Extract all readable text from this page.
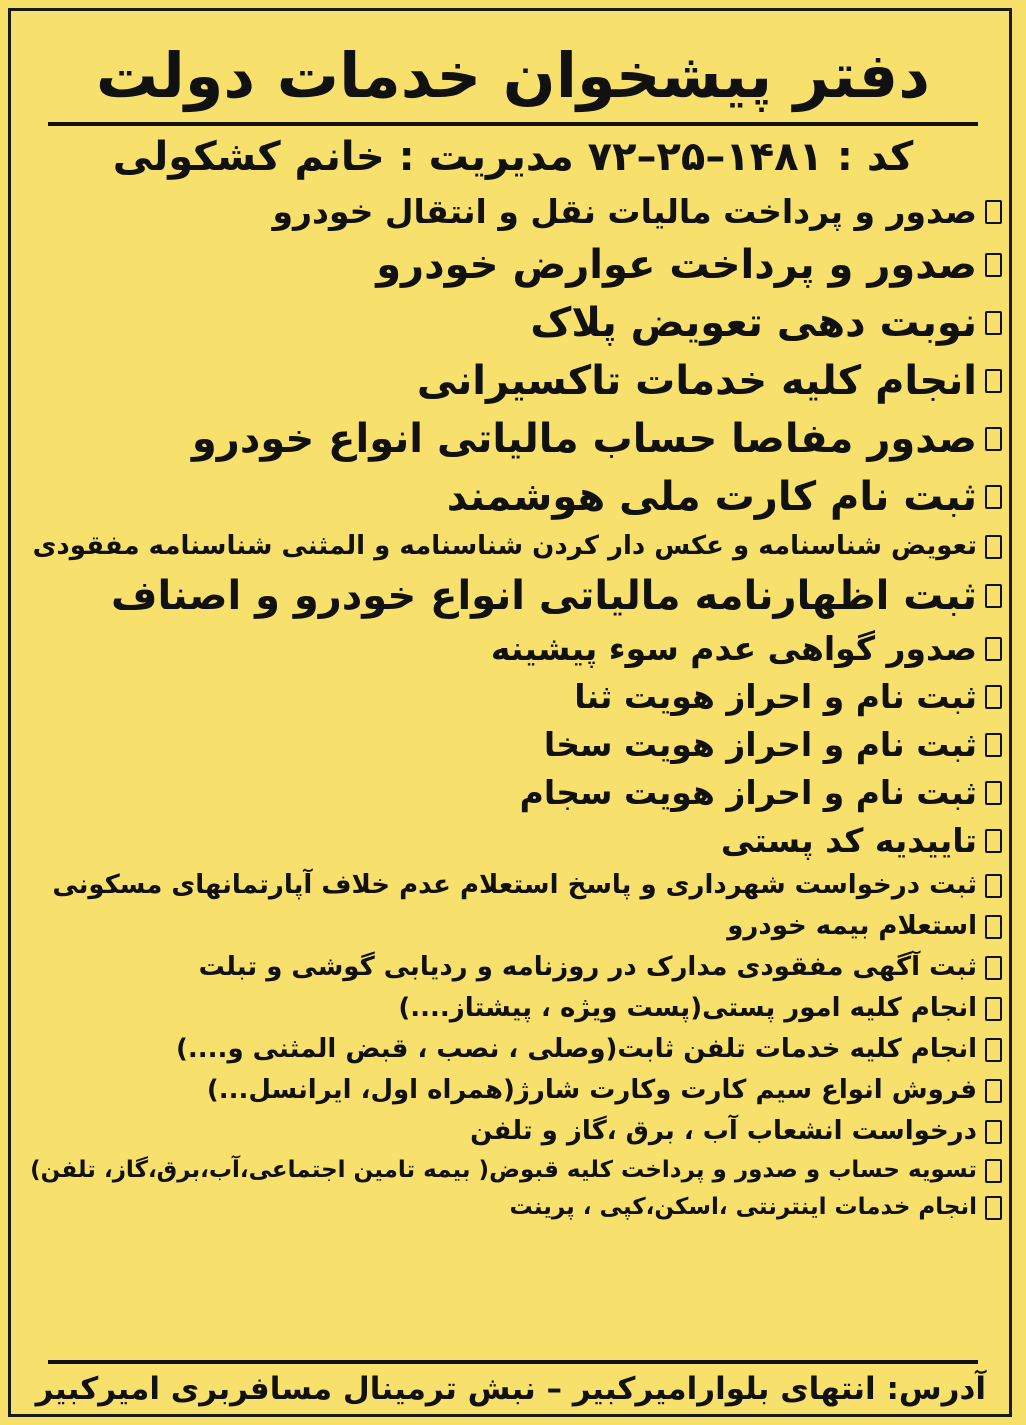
دفتر پیشخوان خدمات دولت
کد : ۱۴۸۱–۲۵–۷۲ مدیریت : خانم کشکولی
صدور و پرداخت مالیات نقل و انتقال خودرو
صدور و پرداخت عوارض خودرو
نوبت دهی تعویض پلاک
انجام کلیه خدمات تاکسیرانی
صدور مفاصا حساب مالیاتی انواع خودرو
ثبت نام کارت ملی هوشمند
تعویض شناسنامه و عکس دار کردن شناسنامه و المثنی شناسنامه مفقودی
ثبت اظهارنامه مالیاتی انواع خودرو و اصناف
صدور گواهی عدم سوء پیشینه
ثبت نام و احراز هویت ثنا
ثبت نام و احراز هویت سخا
ثبت نام و احراز هویت سجام
تاییدیه کد پستی
ثبت درخواست شهرداری و پاسخ استعلام عدم خلاف آپارتمانهای مسکونی
استعلام بیمه خودرو
ثبت آگهی مفقودی مدارک در روزنامه و ردیابی گوشی و تبلت
انجام کلیه امور پستی(پست ویژه ، پیشتاز....)
انجام کلیه خدمات تلفن ثابت(وصلی ، نصب ، قبض المثنی و....)
فروش انواع سیم کارت وکارت شارژ(همراه اول، ایرانسل...)
درخواست انشعاب آب ، برق ،گاز و تلفن
تسویه حساب و صدور و پرداخت کلیه قبوض( بیمه تامین اجتماعی،آب،برق،گاز، تلفن)
انجام خدمات اینترنتی ،اسکن،کپی ، پرینت
آدرس: انتهای بلوارامیرکبیر – نبش ترمینال مسافربری امیرکبیر
